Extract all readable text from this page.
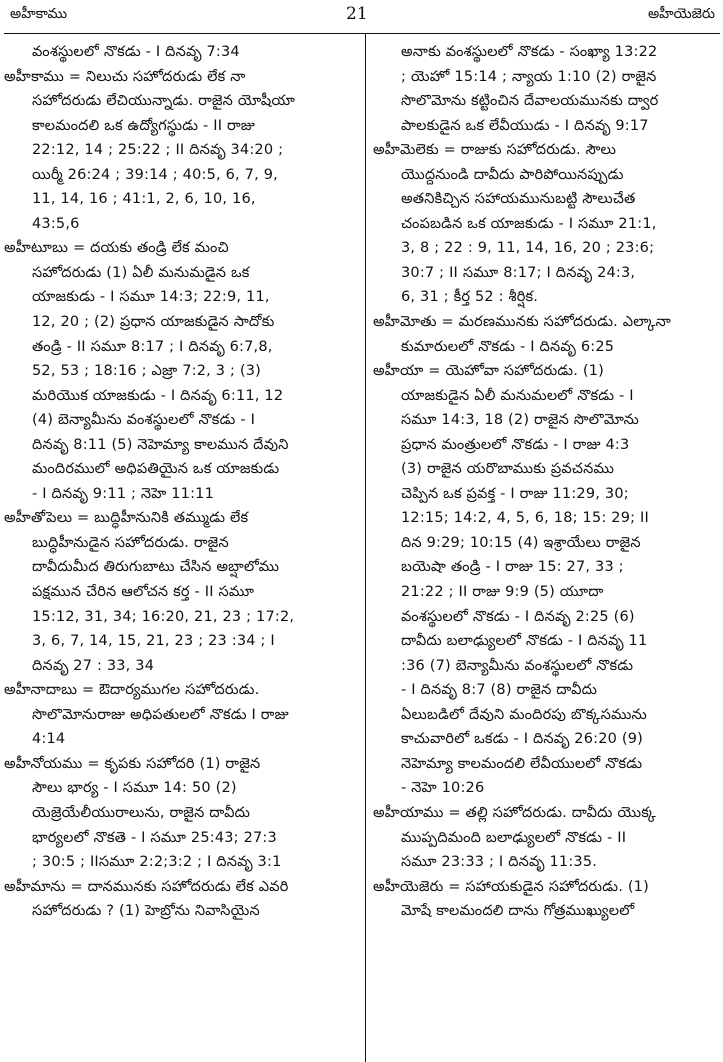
అహీకాము	21	అహీయెజెరు
వంశస్థులలో నొకడు - I దినవృ 7:34
అహీకాము = నిలుచు సహోదరుడు లేక నా
సహోదరుడు లేచియున్నాడు. రాజైన యోషీయా
కాలమందలి ఒక ఉద్యోగస్థుడు - II రాజు
22:12, 14 ; 25:22 ; II దినవృ 34:20 ;
యిర్మీ 26:24 ; 39:14 ; 40:5, 6, 7, 9,
11, 14, 16 ; 41:1, 2, 6, 10, 16,
43:5,6
అహీటూబు = దయకు తండ్రి లేక మంచి
సహోదరుడు (1) ఏలీ మనుమడైన ఒక
యాజకుడు - I సమూ 14:3; 22:9, 11,
12, 20 ; (2) ప్రధాన యాజకుడైన సాదోకు
తండ్రి - II సమూ 8:17 ; I దినవృ 6:7,8,
52, 53 ; 18:16 ; ఎజ్రా 7:2, 3 ; (3)
మరియొక యాజకుడు - I దినవృ 6:11, 12
(4) బెన్యామీను వంశస్థులలో నొకడు - I
దినవృ 8:11 (5) నెహెమ్యా కాలమున దేవుని
మందిరములో అధిపతియైన ఒక యాజకుడు
- I దినవృ 9:11 ; నెహె 11:11
అహీతోపెలు = బుద్ధిహీనునికి తమ్ముడు లేక
బుద్ధిహీనుడైన సహోదరుడు. రాజైన
దావీదుమీద తిరుగుబాటు చేసిన అబ్షాలోము
పక్షమున చేరిన ఆలోచన కర్త - II సమూ
15:12, 31, 34; 16:20, 21, 23 ; 17:2,
3, 6, 7, 14, 15, 21, 23 ; 23 :34 ; I
దినవృ 27 : 33, 34
అహీనాదాబు = ఔదార్యముగల సహోదరుడు.
సొలొమోనురాజు అధిపతులలో నొకడు I రాజు
4:14
అహీనోయము = కృపకు సహోదరి (1) రాజైన
సౌలు భార్య - I సమూ 14: 50 (2)
యెజ్రెయేలీయురాలును, రాజైన దావీదు
భార్యలలో నొకతె - I సమూ 25:43; 27:3
; 30:5 ; IIసమూ 2:2;3:2 ; I దినవృ 3:1
అహీమాను = దానమునకు సహోదరుడు లేక ఎవరి
సహోదరుడు ? (1) హెబ్రోను నివాసియైన
అనాకు వంశస్థులలో నొకడు - సంఖ్యా 13:22
; యెహో 15:14 ; న్యాయ 1:10 (2) రాజైన
సొలొమోను కట్టించిన దేవాలయమునకు ద్వార
పాలకుడైన ఒక లేవీయుడు - I దినవృ 9:17
అహీమెలెకు = రాజుకు సహోదరుడు. సౌలు
యొద్దనుండి దావీదు పారిపోయినప్పుడు
అతనికిచ్చిన సహాయమునుబట్టి సౌలుచేత
చంపబడిన ఒక యాజకుడు - I సమూ 21:1,
3, 8 ; 22 : 9, 11, 14, 16, 20 ; 23:6;
30:7 ; II సమూ 8:17; I దినవృ 24:3,
6, 31 ; కీర్త 52 : శీర్షిక.
అహీమోతు = మరణమునకు సహోదరుడు. ఎల్కానా
కుమారులలో నొకడు - I దినవృ 6:25
అహీయా = యెహోవా సహోదరుడు. (1)
యాజకుడైన ఏలీ మనుమలలో నొకడు - I
సమూ 14:3, 18 (2) రాజైన సొలొమోను
ప్రధాన మంత్రులలో నొకడు - I రాజు 4:3
(3) రాజైన యరొబాముకు ప్రవచనము
చెప్పిన ఒక ప్రవక్త - I రాజు 11:29, 30;
12:15; 14:2, 4, 5, 6, 18; 15: 29; II
దిన 9:29; 10:15 (4) ఇశ్రాయేలు రాజైన
బయెషా తండ్రి - I రాజు 15: 27, 33 ;
21:22 ; II రాజు 9:9 (5) యూదా
వంశస్థులలో నొకడు - I దినవృ 2:25 (6)
దావీదు బలాఢ్యులలో నొకడు - I దినవృ 11
:36 (7) బెన్యామీను వంశస్థులలో నొకడు
- I దినవృ 8:7 (8) రాజైన దావీదు
ఏలుబడిలో దేవుని మందిరపు బొక్కసమును
కాచువారిలో ఒకడు - I దినవృ 26:20 (9)
నెహెమ్యా కాలమందలి లేవీయులలో నొకడు
- నెహె 10:26
అహీయాము = తల్లి సహోదరుడు. దావీదు యొక్క
ముప్పదిమంది బలాఢ్యులలో నొకడు - II
సమూ 23:33 ; I దినవృ 11:35.
అహీయెజెరు = సహాయకుడైన సహోదరుడు. (1)
మోషే కాలమందలి దాను గోత్రముఖ్యులలో
